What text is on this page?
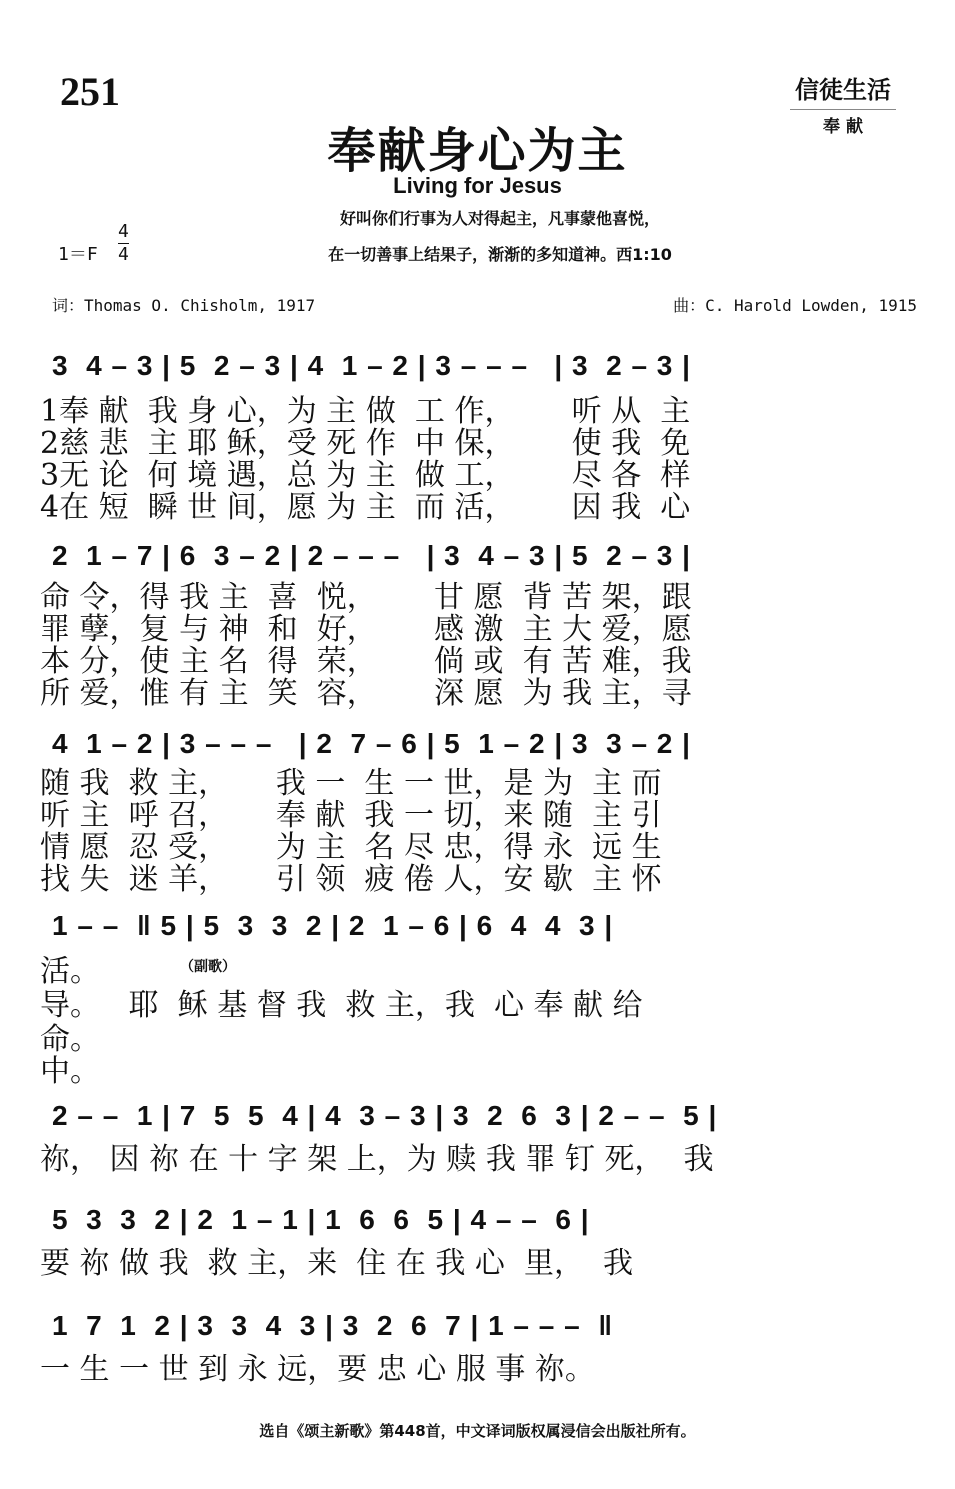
251	信徒生活
奉 献
奉献身心为主
Living for Jesus
好叫你们行事为人对得起主，凡事蒙他喜悦，
在一切善事上结果子，渐渐的多知道神。西1:10
1＝F
4
4
词：Thomas O. Chisholm, 1917	曲：C. Harold Lowden, 1915
3  4 – 3 | 5  2 – 3 | 4  1 – 2 | 3 – – –   | 3  2 – 3 |
1奉 献  我 身 心，为 主 做  工 作，      听 从  主
2慈 悲  主 耶 稣，受 死 作  中 保，      使 我  免
3无 论  何 境 遇，总 为 主  做 工，      尽 各  样
4在 短  瞬 世 间，愿 为 主  而 活，      因 我  心
2  1 – 7 | 6  3 – 2 | 2 – – –   | 3  4 – 3 | 5  2 – 3 |
命 令，得 我 主  喜  悦，      甘 愿  背 苦 架，跟
罪 孽，复 与 神  和  好，      感 激  主 大 爱，愿
本 分，使 主 名  得  荣，      倘 或  有 苦 难，我
所 爱，惟 有 主  笑  容，      深 愿  为 我 主，寻
4  1 – 2 | 3 – – –   | 2  7 – 6 | 5  1 – 2 | 3  3 – 2 |
随 我  救 主，     我 一  生 一 世，是 为  主 而
听 主  呼 召，     奉 献  我 一 切，来 随  主 引
情 愿  忍 受，     为 主  名 尽 忠，得 永  远 生
找 失  迷 羊，     引 领  疲 倦 人，安 歇  主 怀
1 – –  ‖ 5 | 5  3  3  2 | 2  1 – 6 | 6  4  4  3 |
（副歌）
活。
导。   耶  稣 基 督 我  救 主，我  心 奉 献 给
命。
中。
2 – –  1 | 7  5  5  4 | 4  3 – 3 | 3  2  6  3 | 2 – –  5 |
祢， 因 祢 在 十 字 架 上，为 赎 我 罪 钉 死，  我
5  3  3  2 | 2  1 – 1 | 1  6  6  5 | 4 – –  6 |
要 祢 做 我  救 主，来  住 在 我 心  里，  我
1  7  1  2 | 3  3  4  3 | 3  2  6  7 | 1 – – –  ‖
一 生 一 世 到 永 远，要 忠 心 服 事 祢。
选自《颂主新歌》第448首，中文译词版权属浸信会出版社所有。
